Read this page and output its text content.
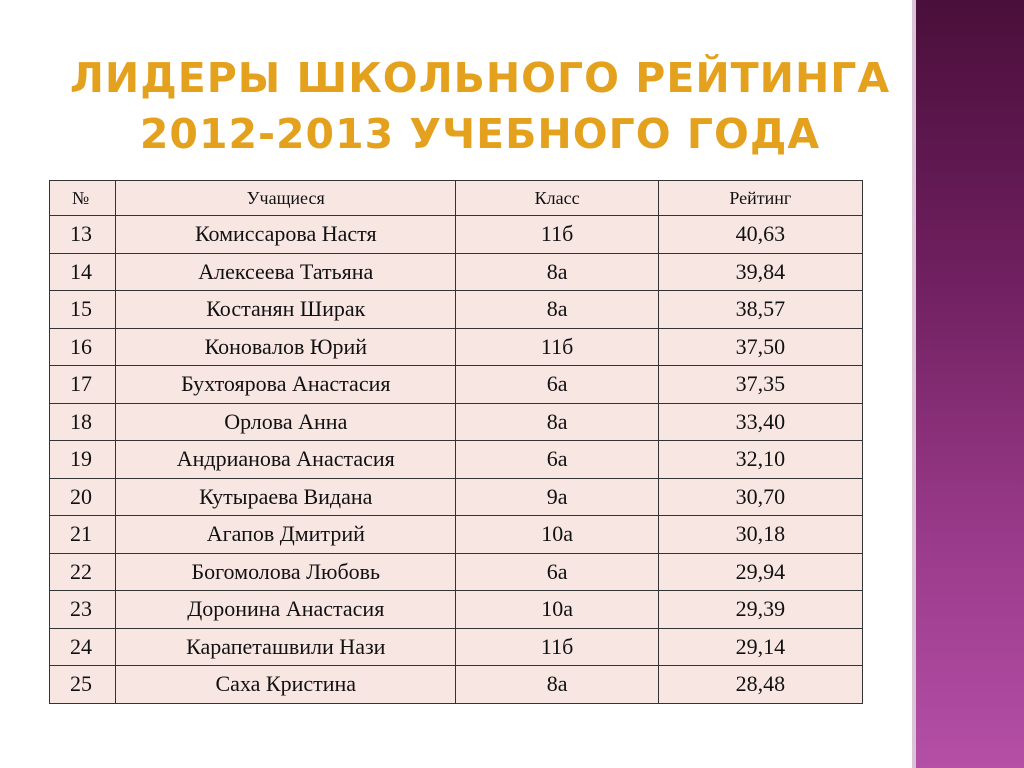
ЛИДЕРЫ ШКОЛЬНОГО РЕЙТИНГА
2012-2013 УЧЕБНОГО ГОДА
№	Учащиеся	Класс	Рейтинг
13	Комиссарова Настя	11б	40,63
14	Алексеева Татьяна	8а	39,84
15	Костанян Ширак	8а	38,57
16	Коновалов Юрий	11б	37,50
17	Бухтоярова Анастасия	6а	37,35
18	Орлова Анна	8а	33,40
19	Андрианова Анастасия	6а	32,10
20	Кутыраева Видана	9а	30,70
21	Агапов Дмитрий	10а	30,18
22	Богомолова Любовь	6а	29,94
23	Доронина Анастасия	10а	29,39
24	Карапеташвили Нази	11б	29,14
25	Саха Кристина	8а	28,48
